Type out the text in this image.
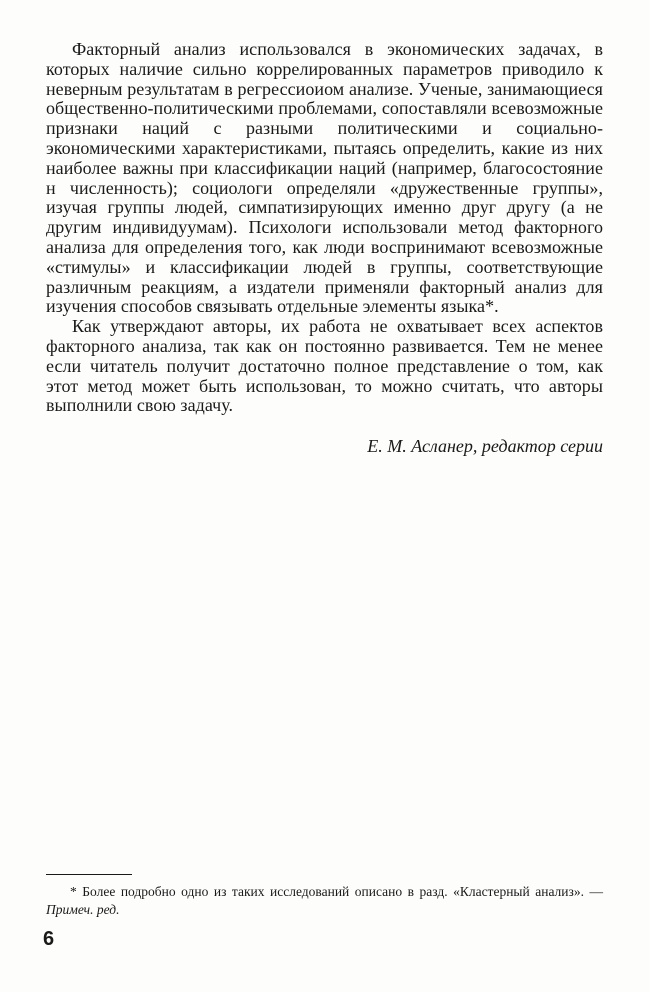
Факторный анализ использовался в экономических задачах, в которых наличие сильно коррелированных параметров приводило к неверным результатам в регрессиоиом анализе. Ученые, занимающиеся общественно-политическими проблемами, сопоставляли всевозможные признаки наций с разными политическими и социально-экономическими характеристиками, пытаясь определить, какие из них наиболее важны при классификации наций (например, благосостояние н численность); социологи определяли «дружественные группы», изучая группы людей, симпатизирующих именно друг другу (а не другим индивидуумам). Психологи использовали метод факторного анализа для определения того, как люди воспринимают всевозможные «стимулы» и классификации людей в группы, соответствующие различным реакциям, а издатели применяли факторный анализ для изучения способов связывать отдельные элементы языка*.

Как утверждают авторы, их работа не охватывает всех аспектов факторного анализа, так как он постоянно развивается. Тем не менее если читатель получит достаточно полное представление о том, как этот метод может быть использован, то можно считать, что авторы выполнили свою задачу.

Е. М. Асланер, редактор серии

* Более подробно одно из таких исследований описано в разд. «Кластерный анализ». — Примеч. ред.

6
